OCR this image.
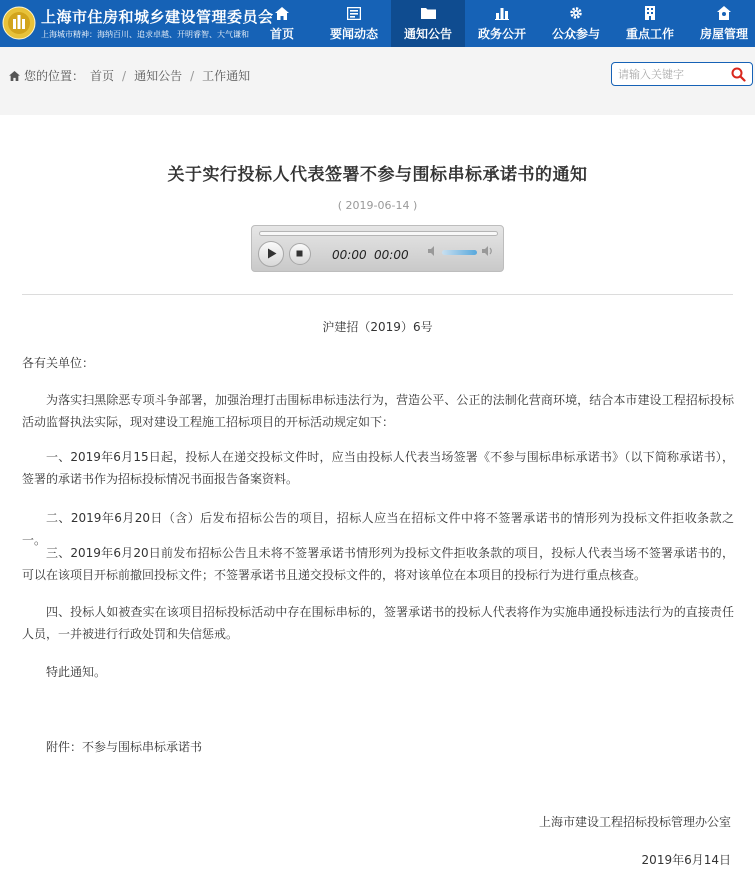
上海市住房和城乡建设管理委员会
上海城市精神：海纳百川、追求卓越、开明睿智、大气谦和 首页	要闻动态 通知公告 政务公开 公众参与 重点工作 房屋管理
您的位置： 首页 / 通知公告 / 工作通知
请输入关键字
关于实行投标人代表签署不参与围标串标承诺书的通知
( 2019-06-14 )
00:00 00:00
沪建招（2019）6号
各有关单位：
为落实扫黑除恶专项斗争部署，加强治理打击围标串标违法行为，营造公平、公正的法制化营商环境，结合本市建设工程招标投标活动监督执法实际，现对建设工程施工招标项目的开标活动规定如下：
一、2019年6月15日起，投标人在递交投标文件时，应当由投标人代表当场签署《不参与围标串标承诺书》（以下简称承诺书），签署的承诺书作为招标投标情况书面报告备案资料。
二、2019年6月20日（含）后发布招标公告的项目，招标人应当在招标文件中将不签署承诺书的情形列为投标文件拒收条款之一。
三、2019年6月20日前发布招标公告且未将不签署承诺书情形列为投标文件拒收条款的项目，投标人代表当场不签署承诺书的，可以在该项目开标前撤回投标文件；不签署承诺书且递交投标文件的，将对该单位在本项目的投标行为进行重点核查。
四、投标人如被查实在该项目招标投标活动中存在围标串标的，签署承诺书的投标人代表将作为实施串通投标违法行为的直接责任人员，一并被进行行政处罚和失信惩戒。
特此通知。
附件：不参与围标串标承诺书
上海市建设工程招标投标管理办公室
2019年6月14日
